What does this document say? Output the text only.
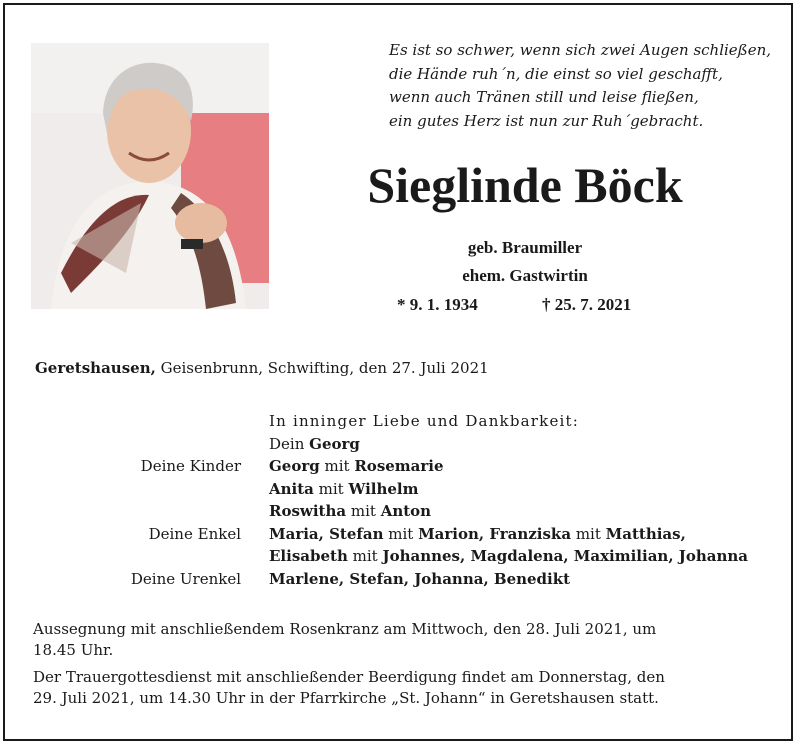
Es ist so schwer, wenn sich zwei Augen schließen,
die Hände ruh´n, die einst so viel geschafft,
wenn auch Tränen still und leise fließen,
ein gutes Herz ist nun zur Ruh´gebracht.
Sieglinde Böck
geb. Braumiller
ehem. Gastwirtin
* 9. 1. 1934	† 25. 7. 2021
Geretshausen, Geisenbrunn, Schwifting, den 27. Juli 2021
In inninger Liebe und Dankbarkeit:
Dein Georg
Deine Kinder	Georg mit Rosemarie
Anita mit Wilhelm
Roswitha mit Anton
Deine Enkel	Maria, Stefan mit Marion, Franziska mit Matthias,
Elisabeth mit Johannes, Magdalena, Maximilian, Johanna
Deine Urenkel	Marlene, Stefan, Johanna, Benedikt
Aussegnung mit anschließendem Rosenkranz am Mittwoch, den 28. Juli 2021, um
18.45 Uhr.
Der Trauergottesdienst mit anschließender Beerdigung findet am Donnerstag, den
29. Juli 2021, um 14.30 Uhr in der Pfarrkirche „St. Johann“ in Geretshausen statt.
